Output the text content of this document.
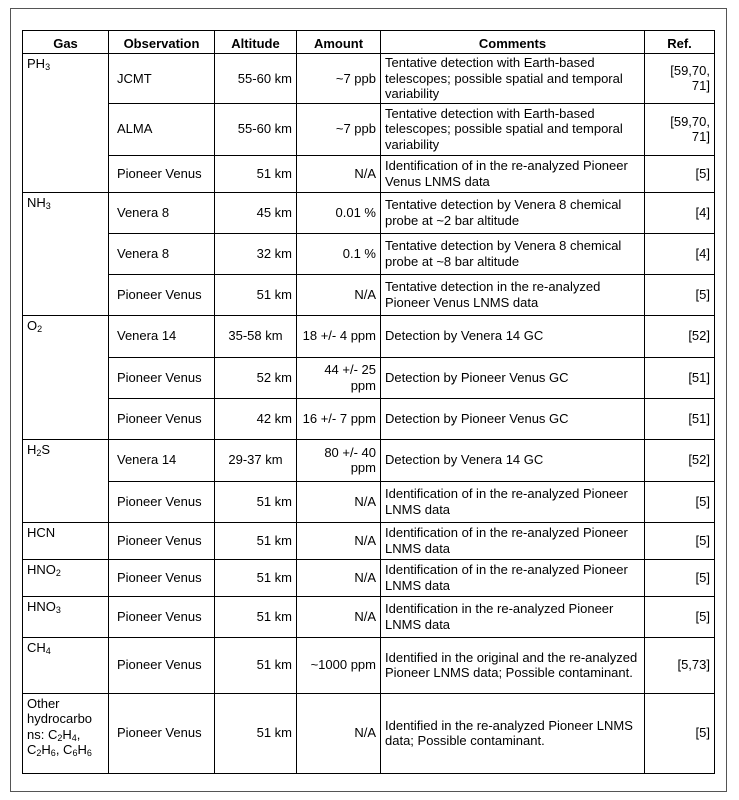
Gas	Observation	Altitude	Amount	Comments	Ref.
$PH_3$	JCMT	55-60 km	~7 ppb	Tentative detection with Earth-based telescopes; possible spatial and temporal variability	[59,70, 71]
	ALMA	55-60 km	~7 ppb	Tentative detection with Earth-based telescopes; possible spatial and temporal variability	[59,70, 71]
	Pioneer Venus	51 km	N/A	Identification of in the re-analyzed Pioneer Venus LNMS data	[5]
$NH_3$	Venera 8	45 km	0.01 %	Tentative detection by Venera 8 chemical probe at ~2 bar altitude	[4]
	Venera 8	32 km	0.1 %	Tentative detection by Venera 8 chemical probe at ~8 bar altitude	[4]
	Pioneer Venus	51 km	N/A	Tentative detection in the re-analyzed Pioneer Venus LNMS data	[5]
$O_2$	Venera 14	35-58 km	18 +/- 4 ppm	Detection by Venera 14 GC	[52]
	Pioneer Venus	52 km	44 +/- 25 ppm	Detection by Pioneer Venus GC	[51]
	Pioneer Venus	42 km	16 +/- 7 ppm	Detection by Pioneer Venus GC	[51]
$H_2S$	Venera 14	29-37 km	80 +/- 40 ppm	Detection by Venera 14 GC	[52]
	Pioneer Venus	51 km	N/A	Identification of in the re-analyzed Pioneer LNMS data	[5]
HCN	Pioneer Venus	51 km	N/A	Identification of in the re-analyzed Pioneer LNMS data	[5]
$HNO_2$	Pioneer Venus	51 km	N/A	Identification of in the re-analyzed Pioneer LNMS data	[5]
$HNO_3$	Pioneer Venus	51 km	N/A	Identification in the re-analyzed Pioneer LNMS data	[5]
$CH_4$	Pioneer Venus	51 km	~1000 ppm	Identified in the original and the re-analyzed Pioneer LNMS data; Possible contaminant.	[5,73]
Other
hydrocarbo
ns: $C_2H_4$,
$C_2H_6$, $C_6H_6$	Pioneer Venus	51 km	N/A	Identified in the re-analyzed Pioneer LNMS data; Possible contaminant.	[5]
